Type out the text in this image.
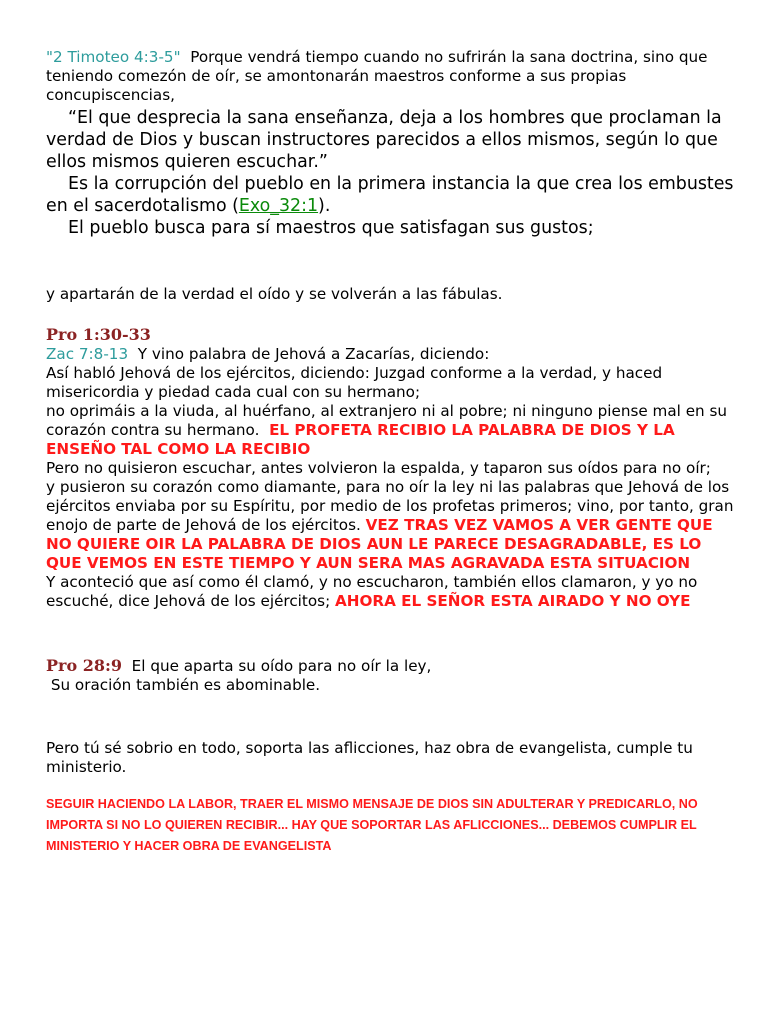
"2 Timoteo 4:3-5" Porque vendrá tiempo cuando no sufrirán la sana doctrina, sino que teniendo comezón de oír, se amontonarán maestros conforme a sus propias concupiscencias,
“El que desprecia la sana enseñanza, deja a los hombres que proclaman la verdad de Dios y buscan instructores parecidos a ellos mismos, según lo que ellos mismos quieren escuchar.”
Es la corrupción del pueblo en la primera instancia la que crea los embustes en el sacerdotalismo (Exo_32:1).
El pueblo busca para sí maestros que satisfagan sus gustos;
y apartarán de la verdad el oído y se volverán a las fábulas.
Pro 1:30-33
Zac 7:8-13 Y vino palabra de Jehová a Zacarías, diciendo:
Así habló Jehová de los ejércitos, diciendo: Juzgad conforme a la verdad, y haced misericordia y piedad cada cual con su hermano;
no oprimáis a la viuda, al huérfano, al extranjero ni al pobre; ni ninguno piense mal en su corazón contra su hermano. EL PROFETA RECIBIO LA PALABRA DE DIOS Y LA ENSEÑO TAL COMO LA RECIBIO
Pero no quisieron escuchar, antes volvieron la espalda, y taparon sus oídos para no oír;
y pusieron su corazón como diamante, para no oír la ley ni las palabras que Jehová de los ejércitos enviaba por su Espíritu, por medio de los profetas primeros; vino, por tanto, gran enojo de parte de Jehová de los ejércitos. VEZ TRAS VEZ VAMOS A VER GENTE QUE NO QUIERE OIR LA PALABRA DE DIOS AUN LE PARECE DESAGRADABLE, ES LO QUE VEMOS EN ESTE TIEMPO Y AUN SERA MAS AGRAVADA ESTA SITUACION
Y aconteció que así como él clamó, y no escucharon, también ellos clamaron, y yo no escuché, dice Jehová de los ejércitos; AHORA EL SEÑOR ESTA AIRADO Y NO OYE
Pro 28:9 El que aparta su oído para no oír la ley,
Su oración también es abominable.
Pero tú sé sobrio en todo, soporta las aflicciones, haz obra de evangelista, cumple tu ministerio.
SEGUIR HACIENDO LA LABOR, TRAER EL MISMO MENSAJE DE DIOS SIN ADULTERAR Y PREDICARLO, NO IMPORTA SI NO LO QUIEREN RECIBIR... HAY QUE SOPORTAR LAS AFLICCIONES... DEBEMOS CUMPLIR EL MINISTERIO Y HACER OBRA DE EVANGELISTA
